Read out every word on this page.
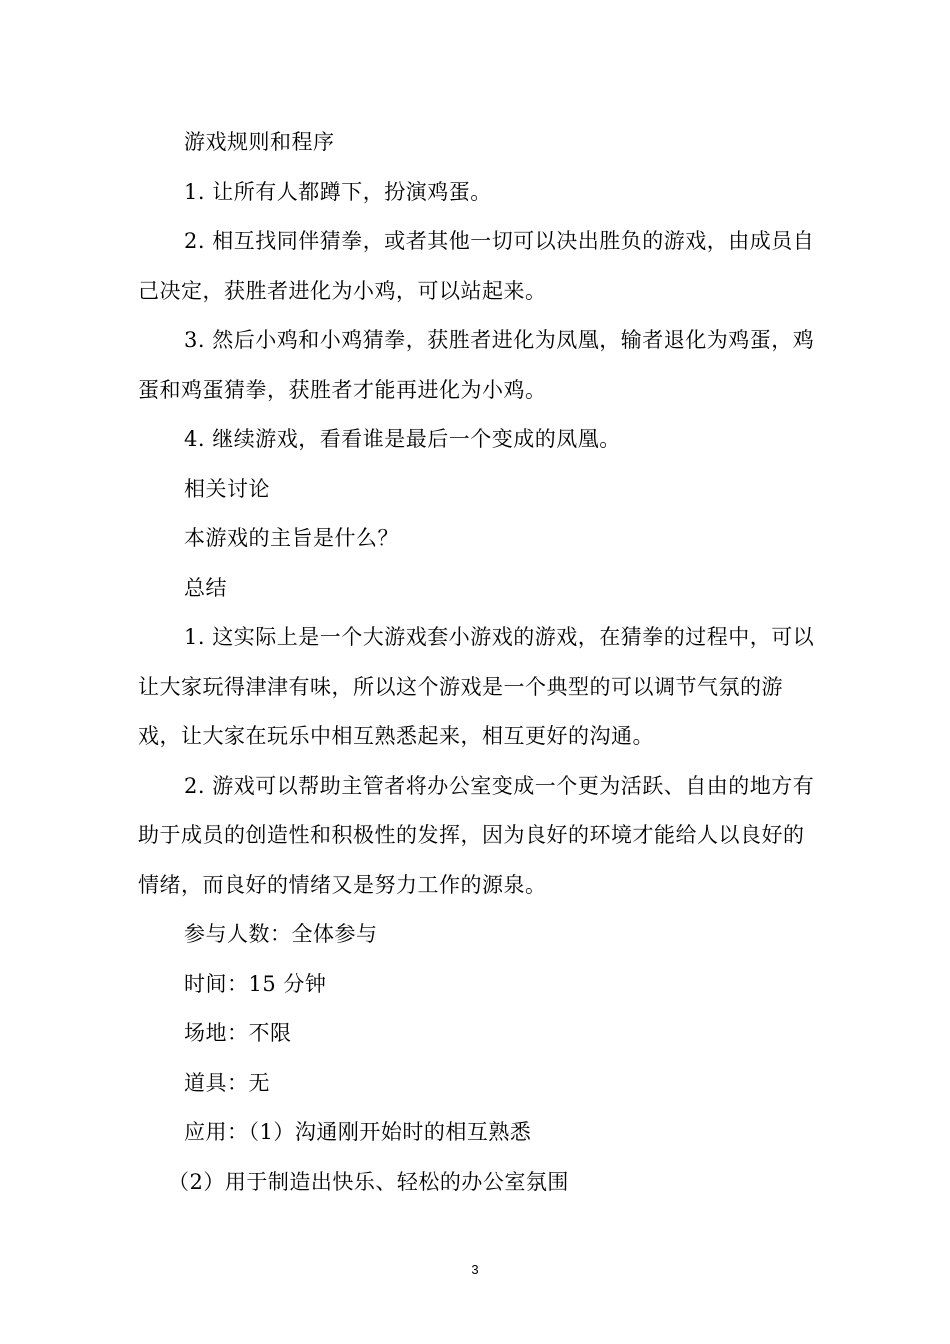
游戏规则和程序

1. 让所有人都蹲下，扮演鸡蛋。

2. 相互找同伴猜拳，或者其他一切可以决出胜负的游戏，由成员自己决定，获胜者进化为小鸡，可以站起来。

3. 然后小鸡和小鸡猜拳，获胜者进化为凤凰，输者退化为鸡蛋，鸡蛋和鸡蛋猜拳，获胜者才能再进化为小鸡。

4. 继续游戏，看看谁是最后一个变成的凤凰。

相关讨论

本游戏的主旨是什么？

总结

1. 这实际上是一个大游戏套小游戏的游戏，在猜拳的过程中，可以让大家玩得津津有味，所以这个游戏是一个典型的可以调节气氛的游戏，让大家在玩乐中相互熟悉起来，相互更好的沟通。

2. 游戏可以帮助主管者将办公室变成一个更为活跃、自由的地方有助于成员的创造性和积极性的发挥，因为良好的环境才能给人以良好的情绪，而良好的情绪又是努力工作的源泉。

参与人数：全体参与

时间：15 分钟

场地：不限

道具：无

应用：（1）沟通刚开始时的相互熟悉

（2）用于制造出快乐、轻松的办公室氛围

3
